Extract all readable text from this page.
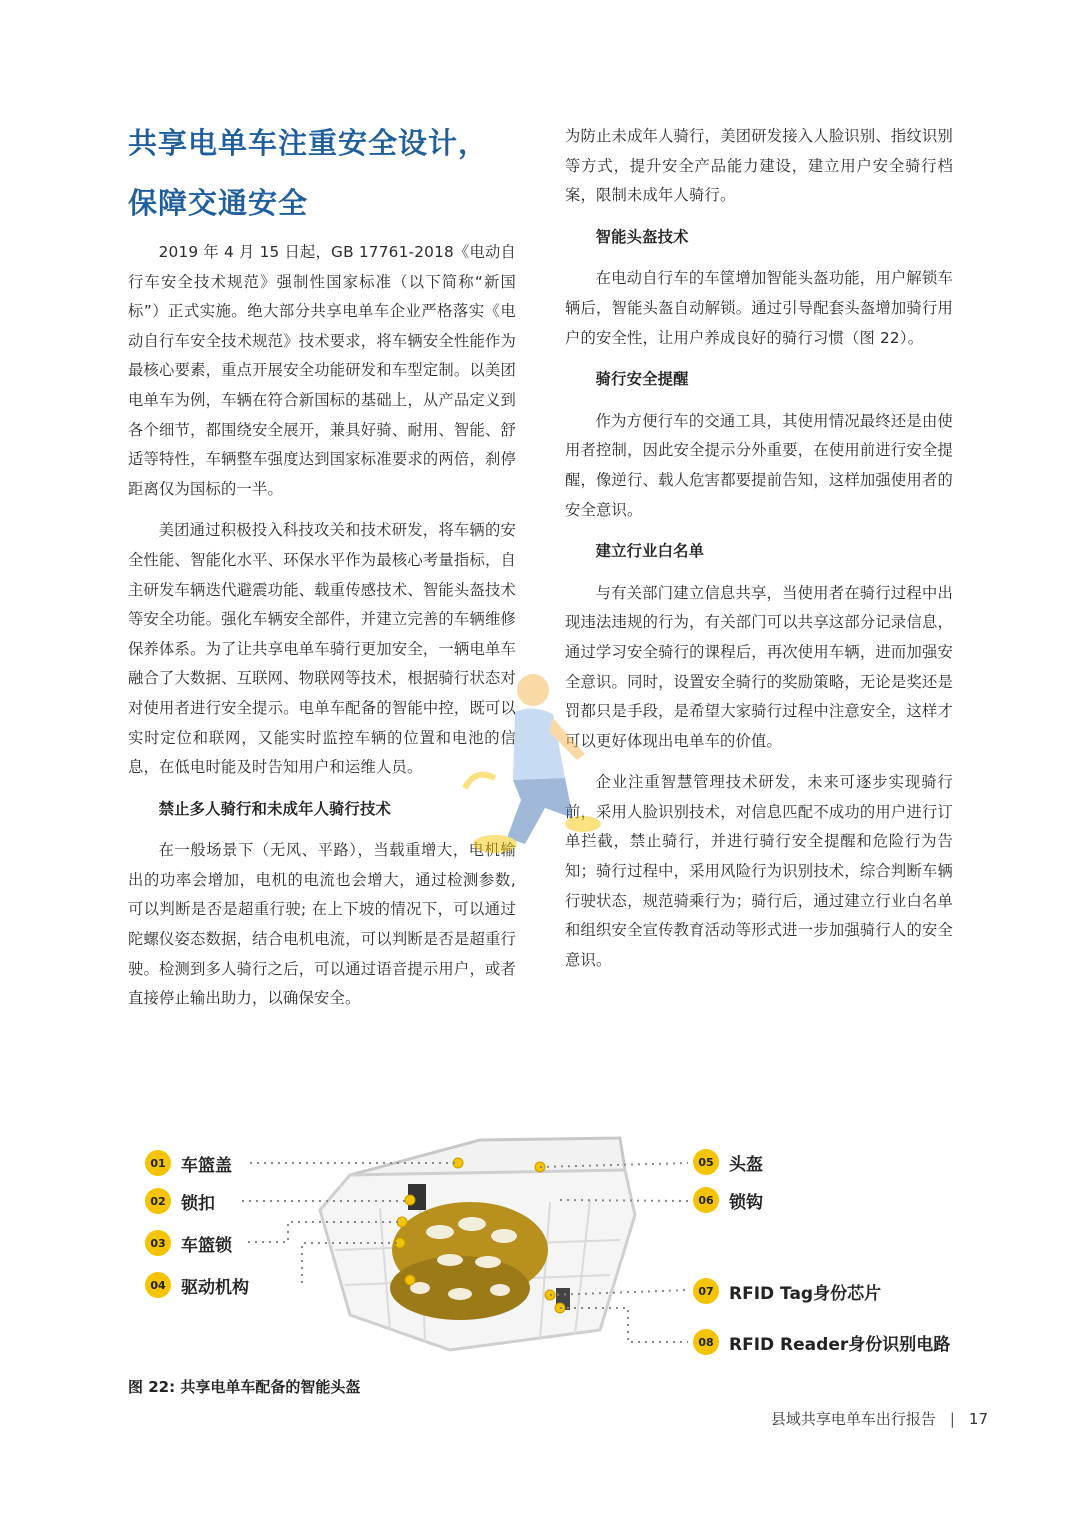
共享电单车注重安全设计，
保障交通安全

2019 年 4 月 15 日起，GB 17761-2018《电动自行车安全技术规范》强制性国家标准（以下简称“新国标”）正式实施。绝大部分共享电单车企业严格落实《电动自行车安全技术规范》技术要求，将车辆安全性能作为最核心要素，重点开展安全功能研发和车型定制。以美团电单车为例，车辆在符合新国标的基础上，从产品定义到各个细节，都围绕安全展开，兼具好骑、耐用、智能、舒适等特性，车辆整车强度达到国家标准要求的两倍，刹停距离仅为国标的一半。

美团通过积极投入科技攻关和技术研发，将车辆的安全性能、智能化水平、环保水平作为最核心考量指标，自主研发车辆迭代避震功能、载重传感技术、智能头盔技术等安全功能。强化车辆安全部件，并建立完善的车辆维修保养体系。为了让共享电单车骑行更加安全，一辆电单车融合了大数据、互联网、物联网等技术，根据骑行状态对对使用者进行安全提示。电单车配备的智能中控，既可以实时定位和联网，又能实时监控车辆的位置和电池的信息，在低电时能及时告知用户和运维人员。

禁止多人骑行和未成年人骑行技术

在一般场景下（无风、平路），当载重增大，电机输出的功率会增加，电机的电流也会增大，通过检测参数,可以判断是否是超重行驶; 在上下坡的情况下，可以通过陀螺仪姿态数据，结合电机电流，可以判断是否是超重行驶。检测到多人骑行之后，可以通过语音提示用户，或者直接停止输出助力，以确保安全。

为防止未成年人骑行，美团研发接入人脸识别、指纹识别等方式，提升安全产品能力建设，建立用户安全骑行档案，限制未成年人骑行。

智能头盔技术

在电动自行车的车筐增加智能头盔功能，用户解锁车辆后，智能头盔自动解锁。通过引导配套头盔增加骑行用户的安全性，让用户养成良好的骑行习惯（图 22）。

骑行安全提醒

作为方便行车的交通工具，其使用情况最终还是由使用者控制，因此安全提示分外重要，在使用前进行安全提醒，像逆行、载人危害都要提前告知，这样加强使用者的安全意识。

建立行业白名单

与有关部门建立信息共享，当使用者在骑行过程中出现违法违规的行为，有关部门可以共享这部分记录信息，通过学习安全骑行的课程后，再次使用车辆，进而加强安全意识。同时，设置安全骑行的奖励策略，无论是奖还是罚都只是手段，是希望大家骑行过程中注意安全，这样才可以更好体现出电单车的价值。

企业注重智慧管理技术研发，未来可逐步实现骑行前，采用人脸识别技术，对信息匹配不成功的用户进行订单拦截，禁止骑行，并进行骑行安全提醒和危险行为告知；骑行过程中，采用风险行为识别技术，综合判断车辆行驶状态，规范骑乘行为；骑行后，通过建立行业白名单和组织安全宣传教育活动等形式进一步加强骑行人的安全意识。

01 车篮盖
02 锁扣
03 车篮锁
04 驱动机构
05 头盔
06 锁钩
07 RFID Tag身份芯片
08 RFID Reader身份识别电路
图 22: 共享电单车配备的智能头盔
县域共享电单车出行报告 | 17
